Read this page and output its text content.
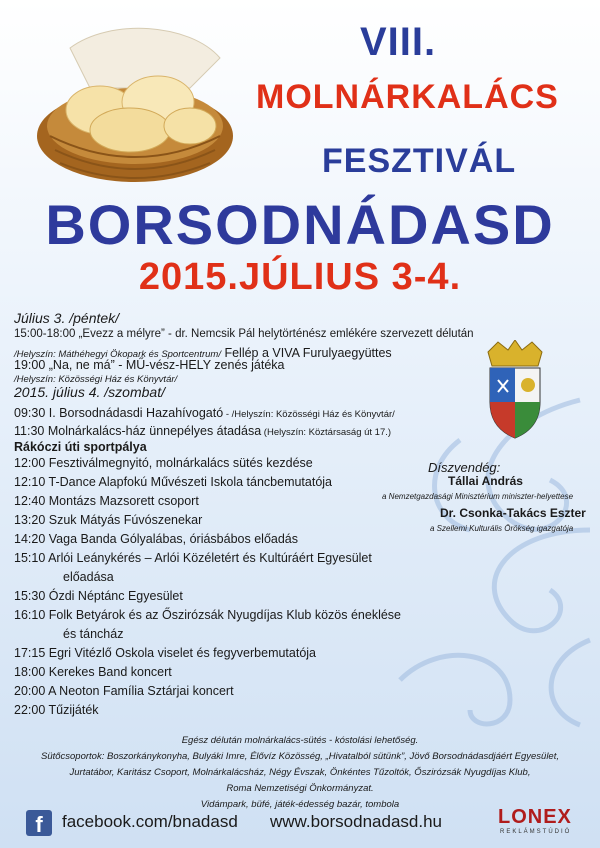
VIII.
MOLNÁRKALÁCS
FESZTIVÁL
BORSODNÁDASD
2015.JÚLIUS 3-4.
Július 3. /péntek/
15:00-18:00 „Evezz a mélyre” - dr. Nemcsik Pál helytörténész emlékére szervezett délután
/Helyszín: Máthéhegyi Ökopark és Sportcentrum/ Fellép a VIVA Furulyaegyüttes
19:00 „Na, ne má” - MŰ-vész-HELY zenés játéka
/Helyszín: Közösségi Ház és Könyvtár/
2015. július 4. /szombat/
09:30 I. Borsodnádasdi Hazahívogató - /Helyszín: Közösségi Ház és Könyvtár/
11:30 Molnárkalács-ház ünnepélyes átadása (Helyszín: Köztársaság út 17.)
Rákóczi úti sportpálya
12:00 Fesztiválmegnyitó, molnárkalács sütés kezdése
12:10 T-Dance Alapfokú Művészeti Iskola táncbemutatója
12:40 Montázs Mazsorett csoport
13:20 Szuk Mátyás Fúvószenekar
14:20 Vaga Banda Gólyalábas, óriásbábos előadás
15:10 Arlói Leánykérés – Arlói Közéletért és Kultúráért Egyesület
előadása
15:30 Ózdi Néptánc Egyesület
16:10 Folk Betyárok és az Őszirózsák Nyugdíjas Klub közös éneklése
és táncház
17:15 Egri Vitézlő Oskola viselet és fegyverbemutatója
18:00 Kerekes Band koncert
20:00 A Neoton Família Sztárjai koncert
22:00 Tűzijáték
Díszvendég:
Tállai András
a Nemzetgazdasági Minisztérium miniszter-helyettese
Dr. Csonka-Takács Eszter
a Szellemi Kulturális Örökség igazgatója
Egész délután molnárkalács-sütés - kóstolási lehetőség.
Sütőcsoportok: Boszorkánykonyha, Bulyáki Imre, Élővíz Közösség, „Hivatalból sütünk”, Jövő Borsodnádasdjáért Egyesület,
Jurtatábor, Karitász Csoport, Molnárkalácsház, Négy Évszak, Önkéntes Tűzoltók, Őszirózsák Nyugdíjas Klub,
Roma Nemzetiségi Önkormányzat.
Vidámpark, büfé, játék-édesség bazár, tombola
f	facebook.com/bnadasd www.borsodnadasd.hu	LONEX
REKLÁMSTÚDIÓ
